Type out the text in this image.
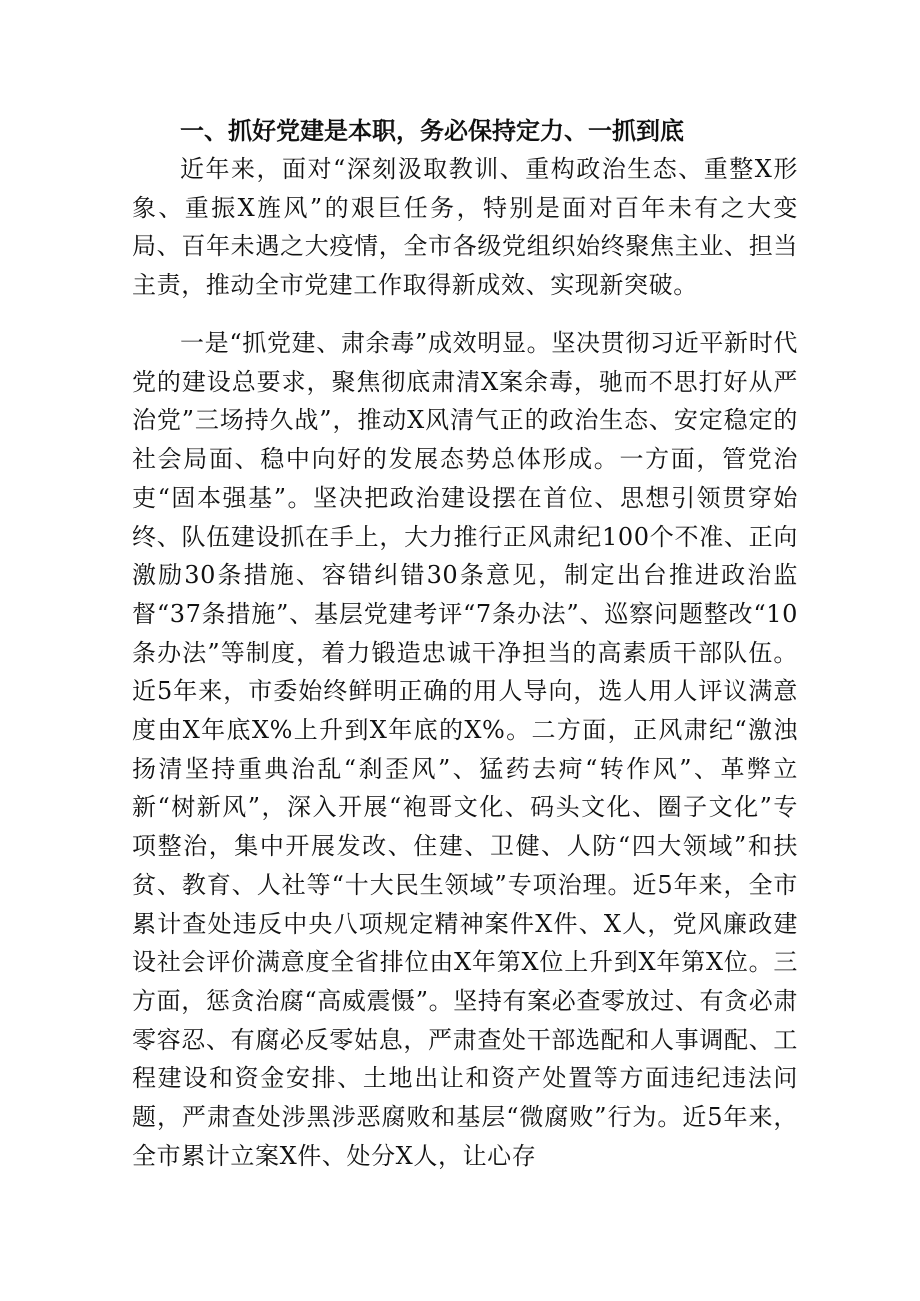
一、抓好党建是本职，务必保持定力、一抓到底
近年来，面对“深刻汲取教训、重构政治生态、重整X形象、重振X旌风”的艰巨任务，特别是面对百年未有之大变局、百年未遇之大疫情，全市各级党组织始终聚焦主业、担当主责，推动全市党建工作取得新成效、实现新突破。
一是“抓党建、肃余毒”成效明显。坚决贯彻习近平新时代党的建设总要求，聚焦彻底肃清X案余毒，驰而不思打好从严治党”三场持久战”，推动X风清气正的政治生态、安定稳定的社会局面、稳中向好的发展态势总体形成。一方面，管党治吏“固本强基”。坚决把政治建设摆在首位、思想引领贯穿始终、队伍建设抓在手上，大力推行正风肃纪100个不准、正向激励30条措施、容错纠错30条意见，制定出台推进政治监督“37条措施”、基层党建考评“7条办法”、巡察问题整改“10条办法”等制度，着力锻造忠诚干净担当的高素质干部队伍。近5年来，市委始终鲜明正确的用人导向，选人用人评议满意度由X年底X%上升到X年底的X%。二方面，正风肃纪“激浊扬清坚持重典治乱“刹歪风”、猛药去疴“转作风”、革弊立新“树新风”，深入开展“袍哥文化、码头文化、圈子文化”专项整治，集中开展发改、住建、卫健、人防“四大领域”和扶贫、教育、人社等“十大民生领域”专项治理。近5年来，全市累计查处违反中央八项规定精神案件X件、X人，党风廉政建设社会评价满意度全省排位由X年第X位上升到X年第X位。三方面，惩贪治腐“高威震慑”。坚持有案必查零放过、有贪必肃零容忍、有腐必反零姑息，严肃查处干部选配和人事调配、工程建设和资金安排、土地出让和资产处置等方面违纪违法问题，严肃查处涉黑涉恶腐败和基层“微腐败”行为。近5年来，全市累计立案X件、处分X人，让心存
